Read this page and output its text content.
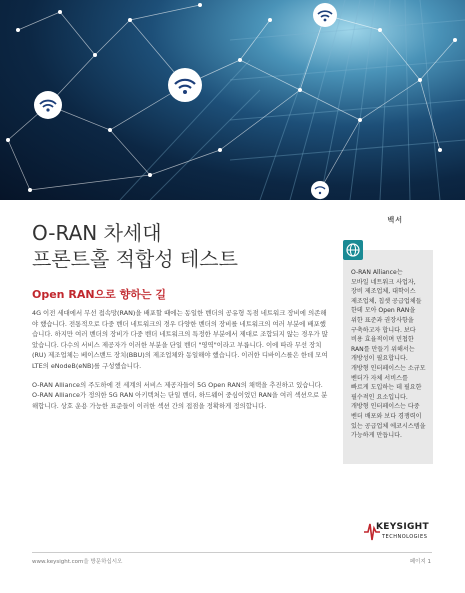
백서
O-RAN 차세대
프론트홀 적합성 테스트
Open RAN으로 향하는 길

4G 이전 세대에서 무선 접속망(RAN)을 배포할 때에는 동일한 벤더의 공유형 독점 네트워크 장비에 의존해야 했습니다. 전통적으로 다중 벤더 네트워크의 경우 다양한 벤더의 장비를 네트워크의 여러 부분에 배포했습니다. 하지만 여러 벤더의 장비가 다중 벤더 네트워크의 특정한 부분에서 제대로 조합되지 않는 경우가 많았습니다. 다수의 서비스 제공자가 이러한 부분을 단일 벤더 "영역"이라고 부릅니다. 이에 따라 무선 장치(RU) 제조업체는 베이스밴드 장치(BBU)의 제조업체와 동일해야 했습니다. 이러한 디바이스를은 한데 모여 LTE의 eNodeB(eNB)를 구성했습니다.

O-RAN Alliance의 주도하에 전 세계의 서비스 제공자들이 5G Open RAN의 채택을 추진하고 있습니다. O-RAN Alliance가 정의한 5G RAN 아키텍처는 단일 벤더, 하드웨어 중심이었던 RAN을 여러 섹션으로 분해합니다. 상호 운용 가능한 표준들이 이러한 섹션 간의 접점을 정확하게 정의합니다.

O-RAN Alliance는
모바일 네트워크 사업자,
장비 제조업체, 대학이스
제조업체, 칩셋 공급업체들
한데 모아 Open RAN을
위한 표준과 권장사항을
구축하고자 합니다. 보다
비용 효율적이며 민첩한
RAN를 만들기 위해서는
개방성이 필요합니다.
개방형 인터페이스는 소규모
벤더가 자체 서비스를
빠르게 도입하는 데 필요한
필수적인 요소입니다.
개방형 인터페이스는 다중
벤더 배포와 보다 경쟁력이
있는 공급업체 에코시스템을
가능하게 만듭니다.
KEYSIGHT
TECHNOLOGIES
www.keysight.com을 방문하십시오	페이지 1
